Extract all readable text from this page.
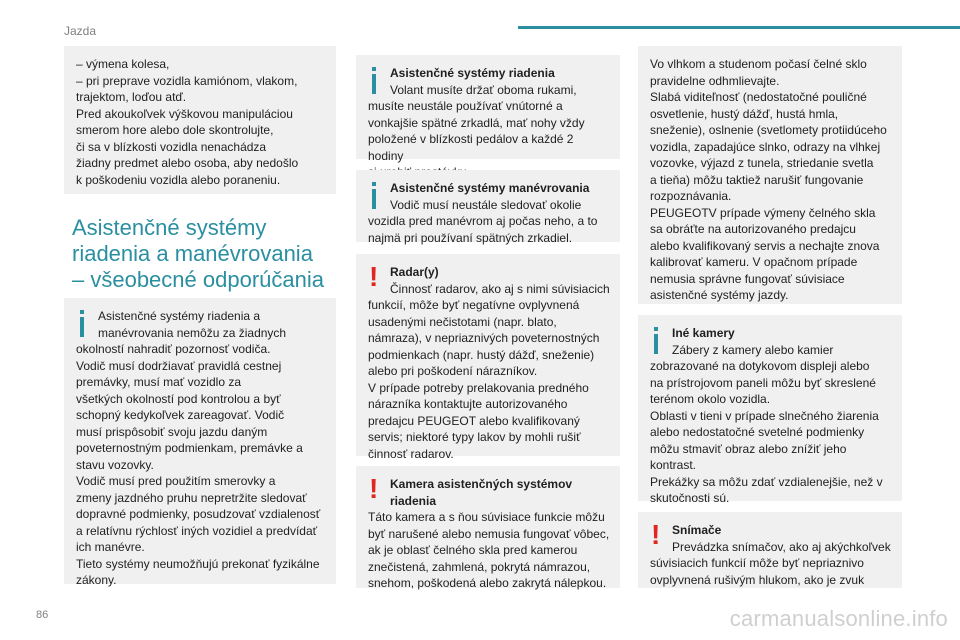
Jazda

– výmena kolesa,

– pri preprave vozidla kamiónom, vlakom,
trajektom, loďou atď.

Pred akoukoľvek výškovou manipuláciou
smerom hore alebo dole skontrolujte,
či sa v blízkosti vozidla nenachádza
žiadny predmet alebo osoba, aby nedošlo
k poškodeniu vozidla alebo poraneniu.

Asistenčné systémy
riadenia a manévrovania
– všeobecné odporúčania

Asistenčné systémy riadenia a
manévrovania nemôžu za žiadnych

okolností nahradiť pozornosť vodiča.
Vodič musí dodržiavať pravidlá cestnej
premávky, musí mať vozidlo za
všetkých okolností pod kontrolou a byť
schopný kedykoľvek zareagovať. Vodič
musí prispôsobiť svoju jazdu daným
poveternostným podmienkam, premávke a
stavu vozovky.
Vodič musí pred použitím smerovky a
zmeny jazdného pruhu nepretržite sledovať
dopravné podmienky, posudzovať vzdialenosť
a relatívnu rýchlosť iných vozidiel a predvídať
ich manévre.
Tieto systémy neumožňujú prekonať fyzikálne
zákony.

Asistenčné systémy riadenia

Volant musíte držať oboma rukami,

musíte neustále používať vnútorné a
vonkajšie spätné zrkadlá, mať nohy vždy
položené v blízkosti pedálov a každé 2 hodiny

Asistenčné systémy manévrovania

Vodič musí neustále sledovať okolie

vozidla pred manévrom aj počas neho, a to
najmä pri používaní spätných zrkadiel.

! Radar(y)

Činnosť radarov, ako aj s nimi súvisiacich

funkcií, môže byť negatívne ovplyvnená
usadenými nečistotami (napr. blato,
námraza), v nepriaznivých poveternostných
podmienkach (napr. hustý dážď, sneženie)
alebo pri poškodení nárazníkov.
V prípade potreby prelakovania predného
nárazníka kontaktujte autorizovaného
predajcu PEUGEOT alebo kvalifikovaný
servis; niektoré typy lakov by mohli rušiť
činnosť radarov.

! Kamera asistenčných systémov
riadenia

Táto kamera a s ňou súvisiace funkcie môžu
byť narušené alebo nemusia fungovať vôbec,
ak je oblasť čelného skla pred kamerou
znečistená, zahmlená, pokrytá námrazou,
snehom, poškodená alebo zakrytá nálepkou.

Vo vlhkom a studenom počasí čelné sklo
pravidelne odhmlievajte.
Slabá viditeľnosť (nedostatočné pouličné
osvetlenie, hustý dážď, hustá hmla,
sneženie), oslnenie (svetlomety protiidúceho
vozidla, zapadajúce slnko, odrazy na vlhkej
vozovke, výjazd z tunela, striedanie svetla
a tieňa) môžu taktiež narušiť fungovanie
rozpoznávania.
PEUGEOTV prípade výmeny čelného skla
sa obráťte na autorizovaného predajcu
alebo kvalifikovaný servis a nechajte znova
kalibrovať kameru. V opačnom prípade
nemusia správne fungovať súvisiace
asistenčné systémy jazdy.

Iné kamery

Zábery z kamery alebo kamier

zobrazované na dotykovom displeji alebo
na prístrojovom paneli môžu byť skreslené
terénom okolo vozidla.
Oblasti v tieni v prípade slnečného žiarenia
alebo nedostatočné svetelné podmienky
môžu stmaviť obraz alebo znížiť jeho
kontrast.
Prekážky sa môžu zdať vzdialenejšie, než v
skutočnosti sú.

! Snímače

Prevádzka snímačov, ako aj akýchkoľvek

súvisiacich funkcií môže byť nepriaznivo
ovplyvnená rušivým hlukom, ako je zvuk

86	carmanualsonline.info
